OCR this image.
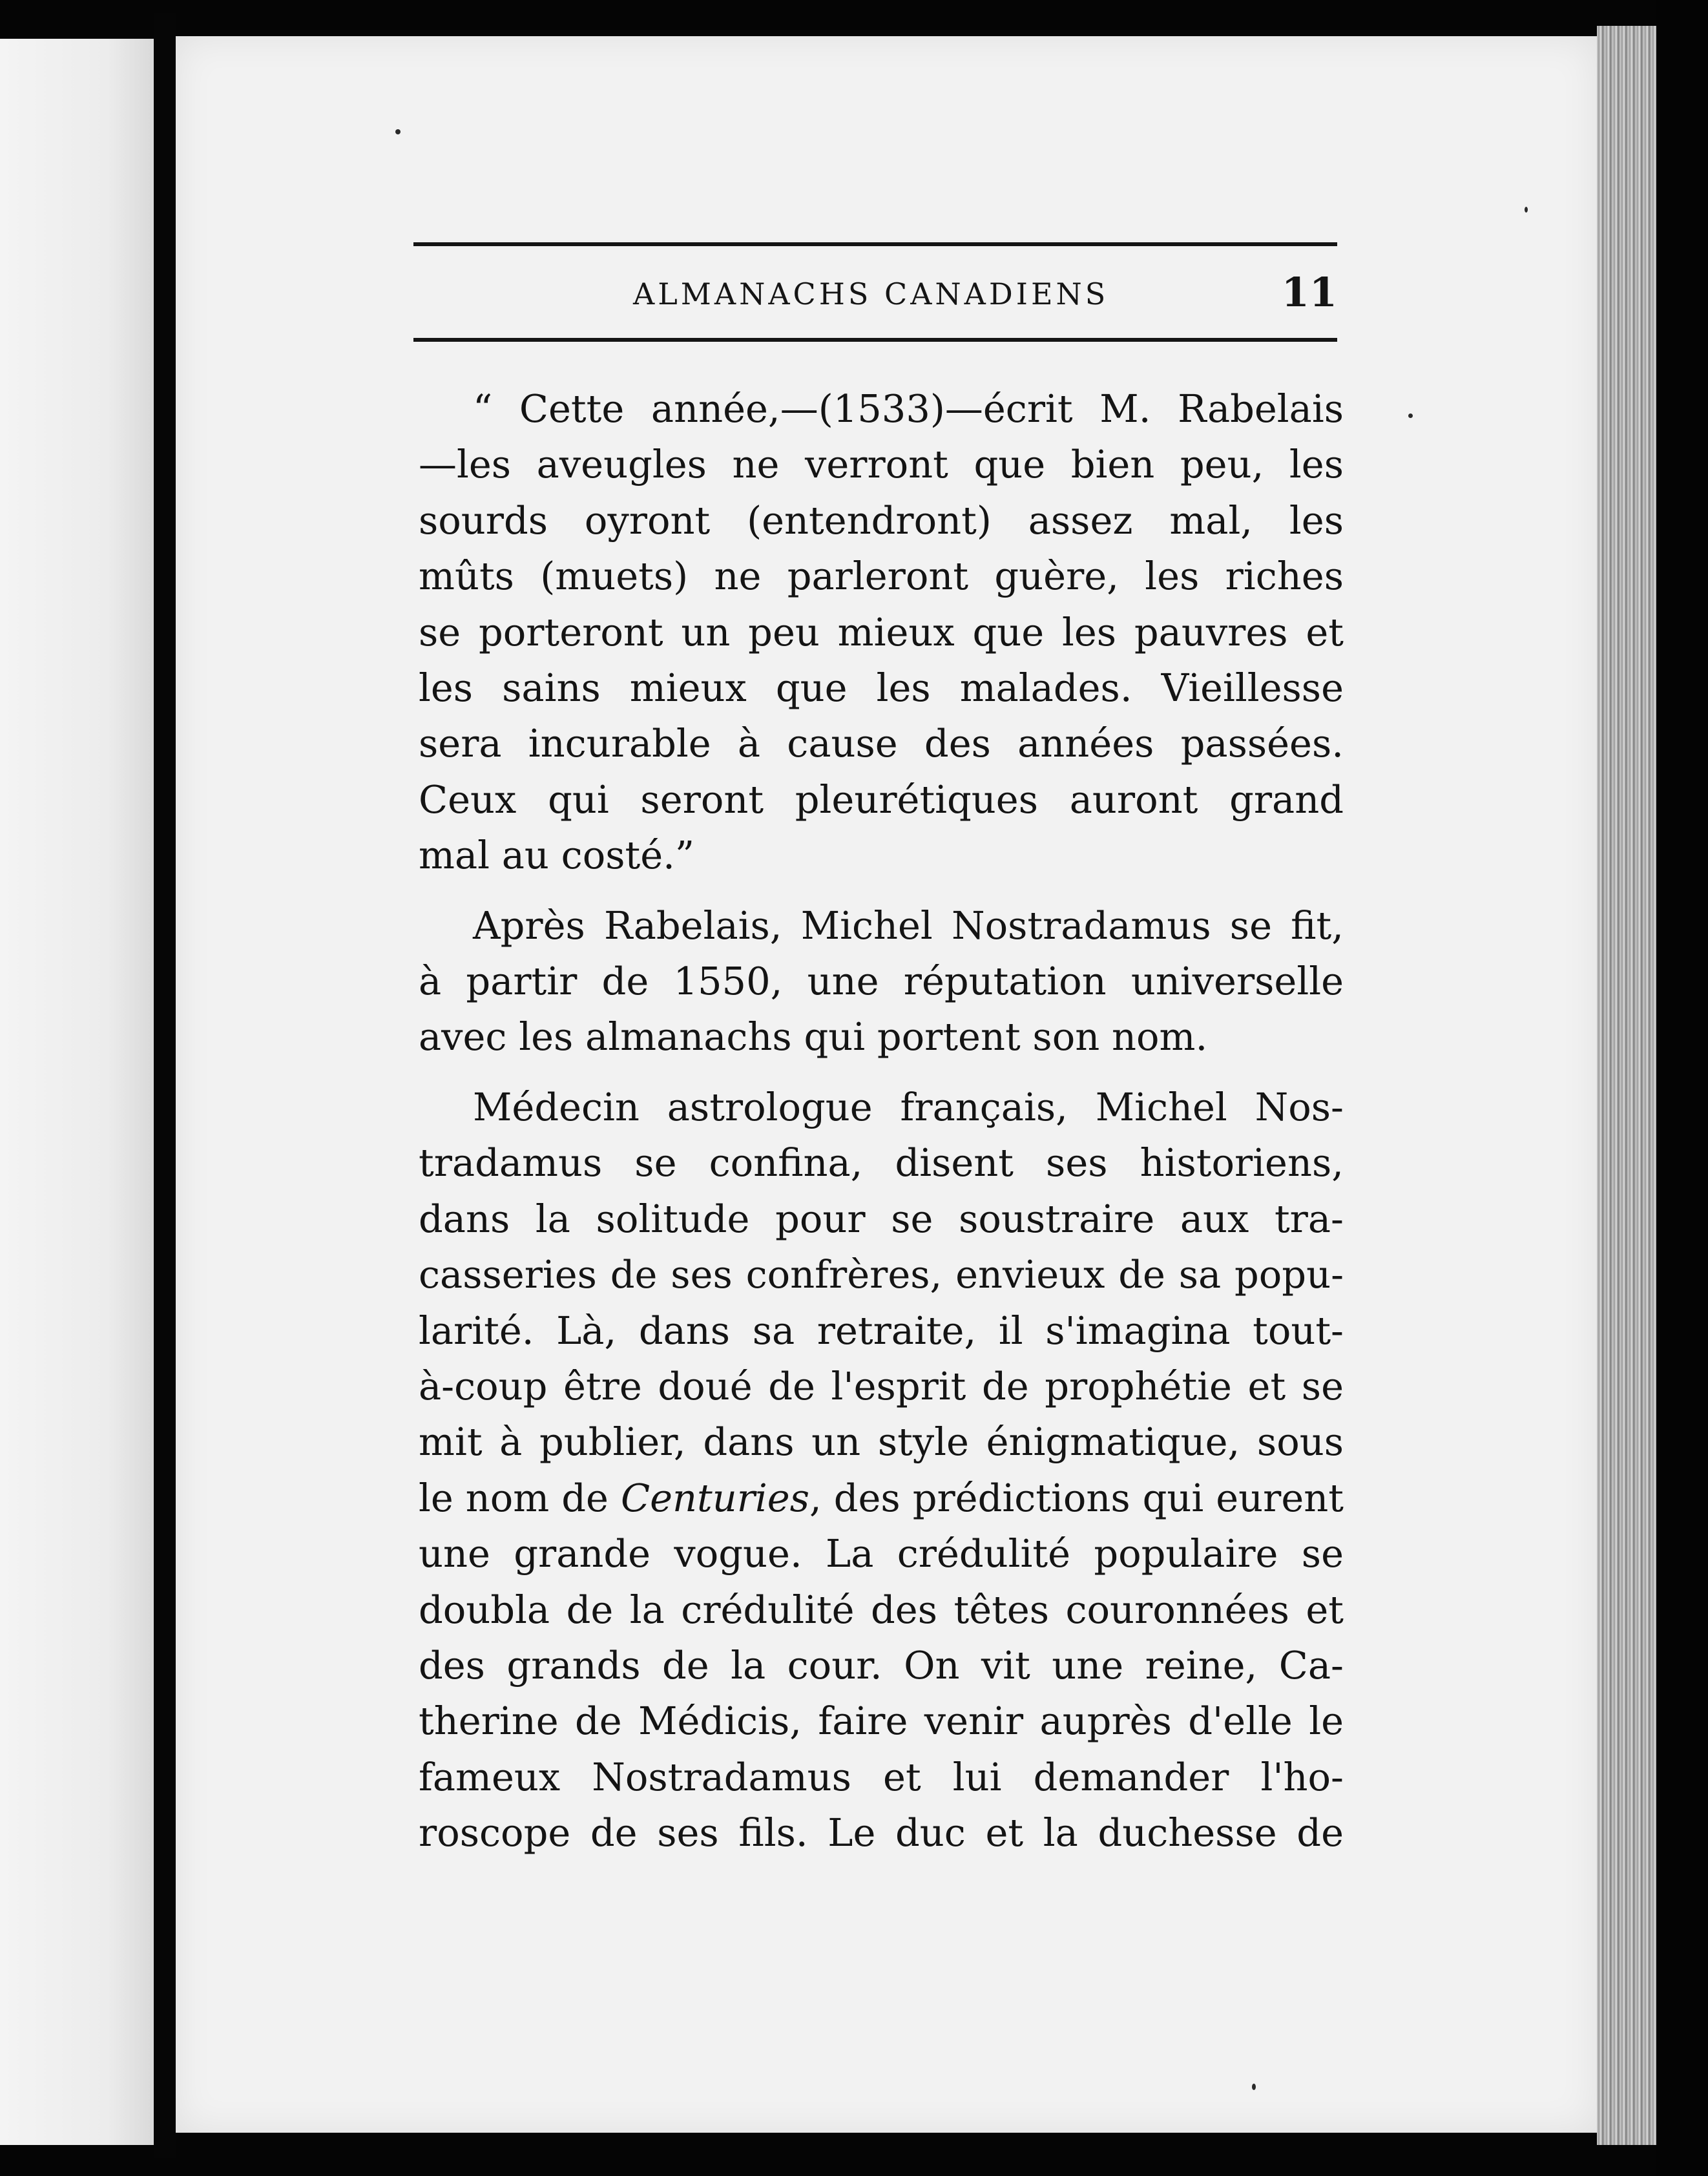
ALMANACHS CANADIENS	11

“ Cette année,—(1533)—écrit M. Rabelais
—les aveugles ne verront que bien peu, les
sourds oyront (entendront) assez mal, les
mûts (muets) ne parleront guère, les riches
se porteront un peu mieux que les pauvres et
les sains mieux que les malades. Vieillesse
sera incurable à cause des années passées.
Ceux qui seront pleurétiques auront grand
mal au costé.”

Après Rabelais, Michel Nostradamus se fit,
à partir de 1550, une réputation universelle
avec les almanachs qui portent son nom.

Médecin astrologue français, Michel Nos-
tradamus se confina, disent ses historiens,
dans la solitude pour se soustraire aux tra-
casseries de ses confrères, envieux de sa popu-
larité. Là, dans sa retraite, il s'imagina tout-
à-coup être doué de l'esprit de prophétie et se
mit à publier, dans un style énigmatique, sous
le nom de Centuries, des prédictions qui eurent
une grande vogue. La crédulité populaire se
doubla de la crédulité des têtes couronnées et
des grands de la cour. On vit une reine, Ca-
therine de Médicis, faire venir auprès d'elle le
fameux Nostradamus et lui demander l'ho-
roscope de ses fils. Le duc et la duchesse de
